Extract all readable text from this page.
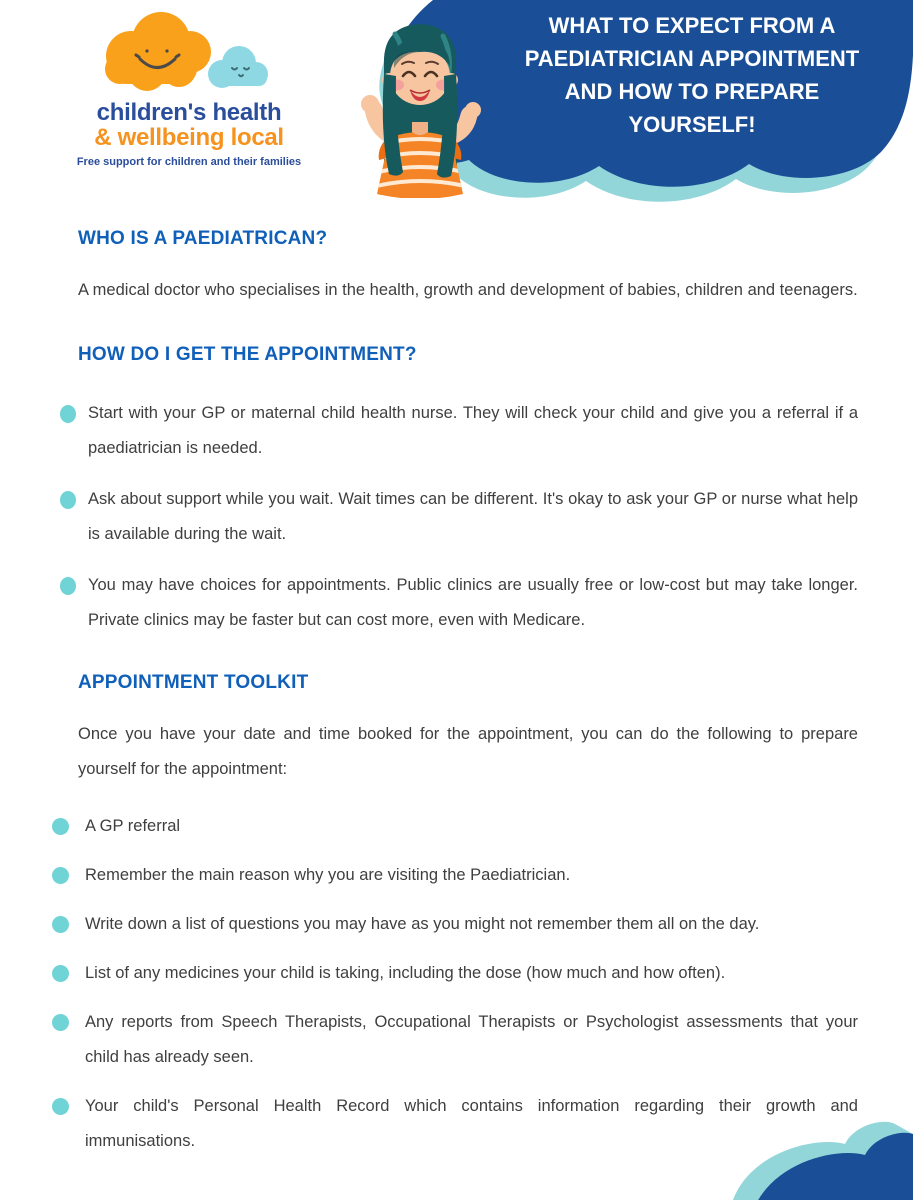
children's health
& wellbeing local
Free support for children and their families
WHAT TO EXPECT FROM A
PAEDIATRICIAN APPOINTMENT
AND HOW TO PREPARE
YOURSELF!
WHO IS A PAEDIATRICAN?

A medical doctor who specialises in the health, growth and development of babies, children and teenagers.

HOW DO I GET THE APPOINTMENT?
Start with your GP or maternal child health nurse. They will check your child and give you a referral if a paediatrician is needed.
Ask about support while you wait. Wait times can be different. It's okay to ask your GP or nurse what help is available during the wait.
You may have choices for appointments. Public clinics are usually free or low-cost but may take longer. Private clinics may be faster but can cost more, even with Medicare.
APPOINTMENT TOOLKIT

Once you have your date and time booked for the appointment, you can do the following to prepare yourself for the appointment:

A GP referral
Remember the main reason why you are visiting the Paediatrician.
Write down a list of questions you may have as you might not remember them all on the day.
List of any medicines your child is taking, including the dose (how much and how often).
Any reports from Speech Therapists, Occupational Therapists or Psychologist assessments that your child has already seen.
Your child's Personal Health Record which contains information regarding their growth and immunisations.
